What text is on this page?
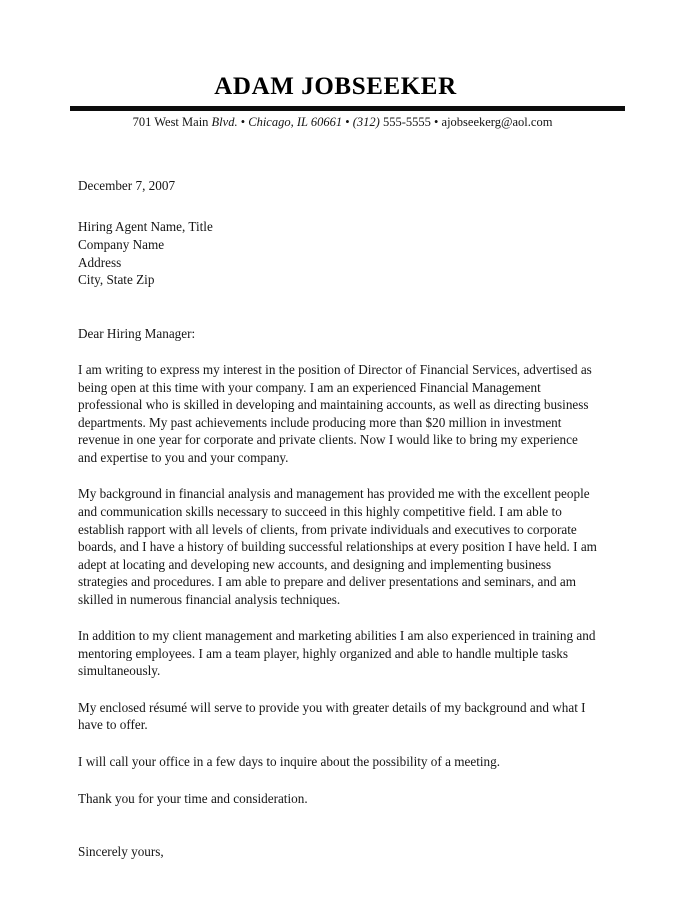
ADAM JOBSEEKER

701 West Main Blvd. • Chicago, IL 60661 • (312) 555-5555 • ajobseekerg@aol.com

December 7, 2007
Hiring Agent Name, Title
Company Name
Address
City, State Zip
Dear Hiring Manager:

I am writing to express my interest in the position of Director of Financial Services, advertised as being open at this time with your company. I am an experienced Financial Management professional who is skilled in developing and maintaining accounts, as well as directing business departments. My past achievements include producing more than $20 million in investment revenue in one year for corporate and private clients. Now I would like to bring my experience and expertise to you and your company.

My background in financial analysis and management has provided me with the excellent people and communication skills necessary to succeed in this highly competitive field. I am able to establish rapport with all levels of clients, from private individuals and executives to corporate boards, and I have a history of building successful relationships at every position I have held. I am adept at locating and developing new accounts, and designing and implementing business strategies and procedures. I am able to prepare and deliver presentations and seminars, and am skilled in numerous financial analysis techniques.

In addition to my client management and marketing abilities I am also experienced in training and mentoring employees. I am a team player, highly organized and able to handle multiple tasks simultaneously.

My enclosed résumé will serve to provide you with greater details of my background and what I have to offer.

I will call your office in a few days to inquire about the possibility of a meeting.

Thank you for your time and consideration.

Sincerely yours,
